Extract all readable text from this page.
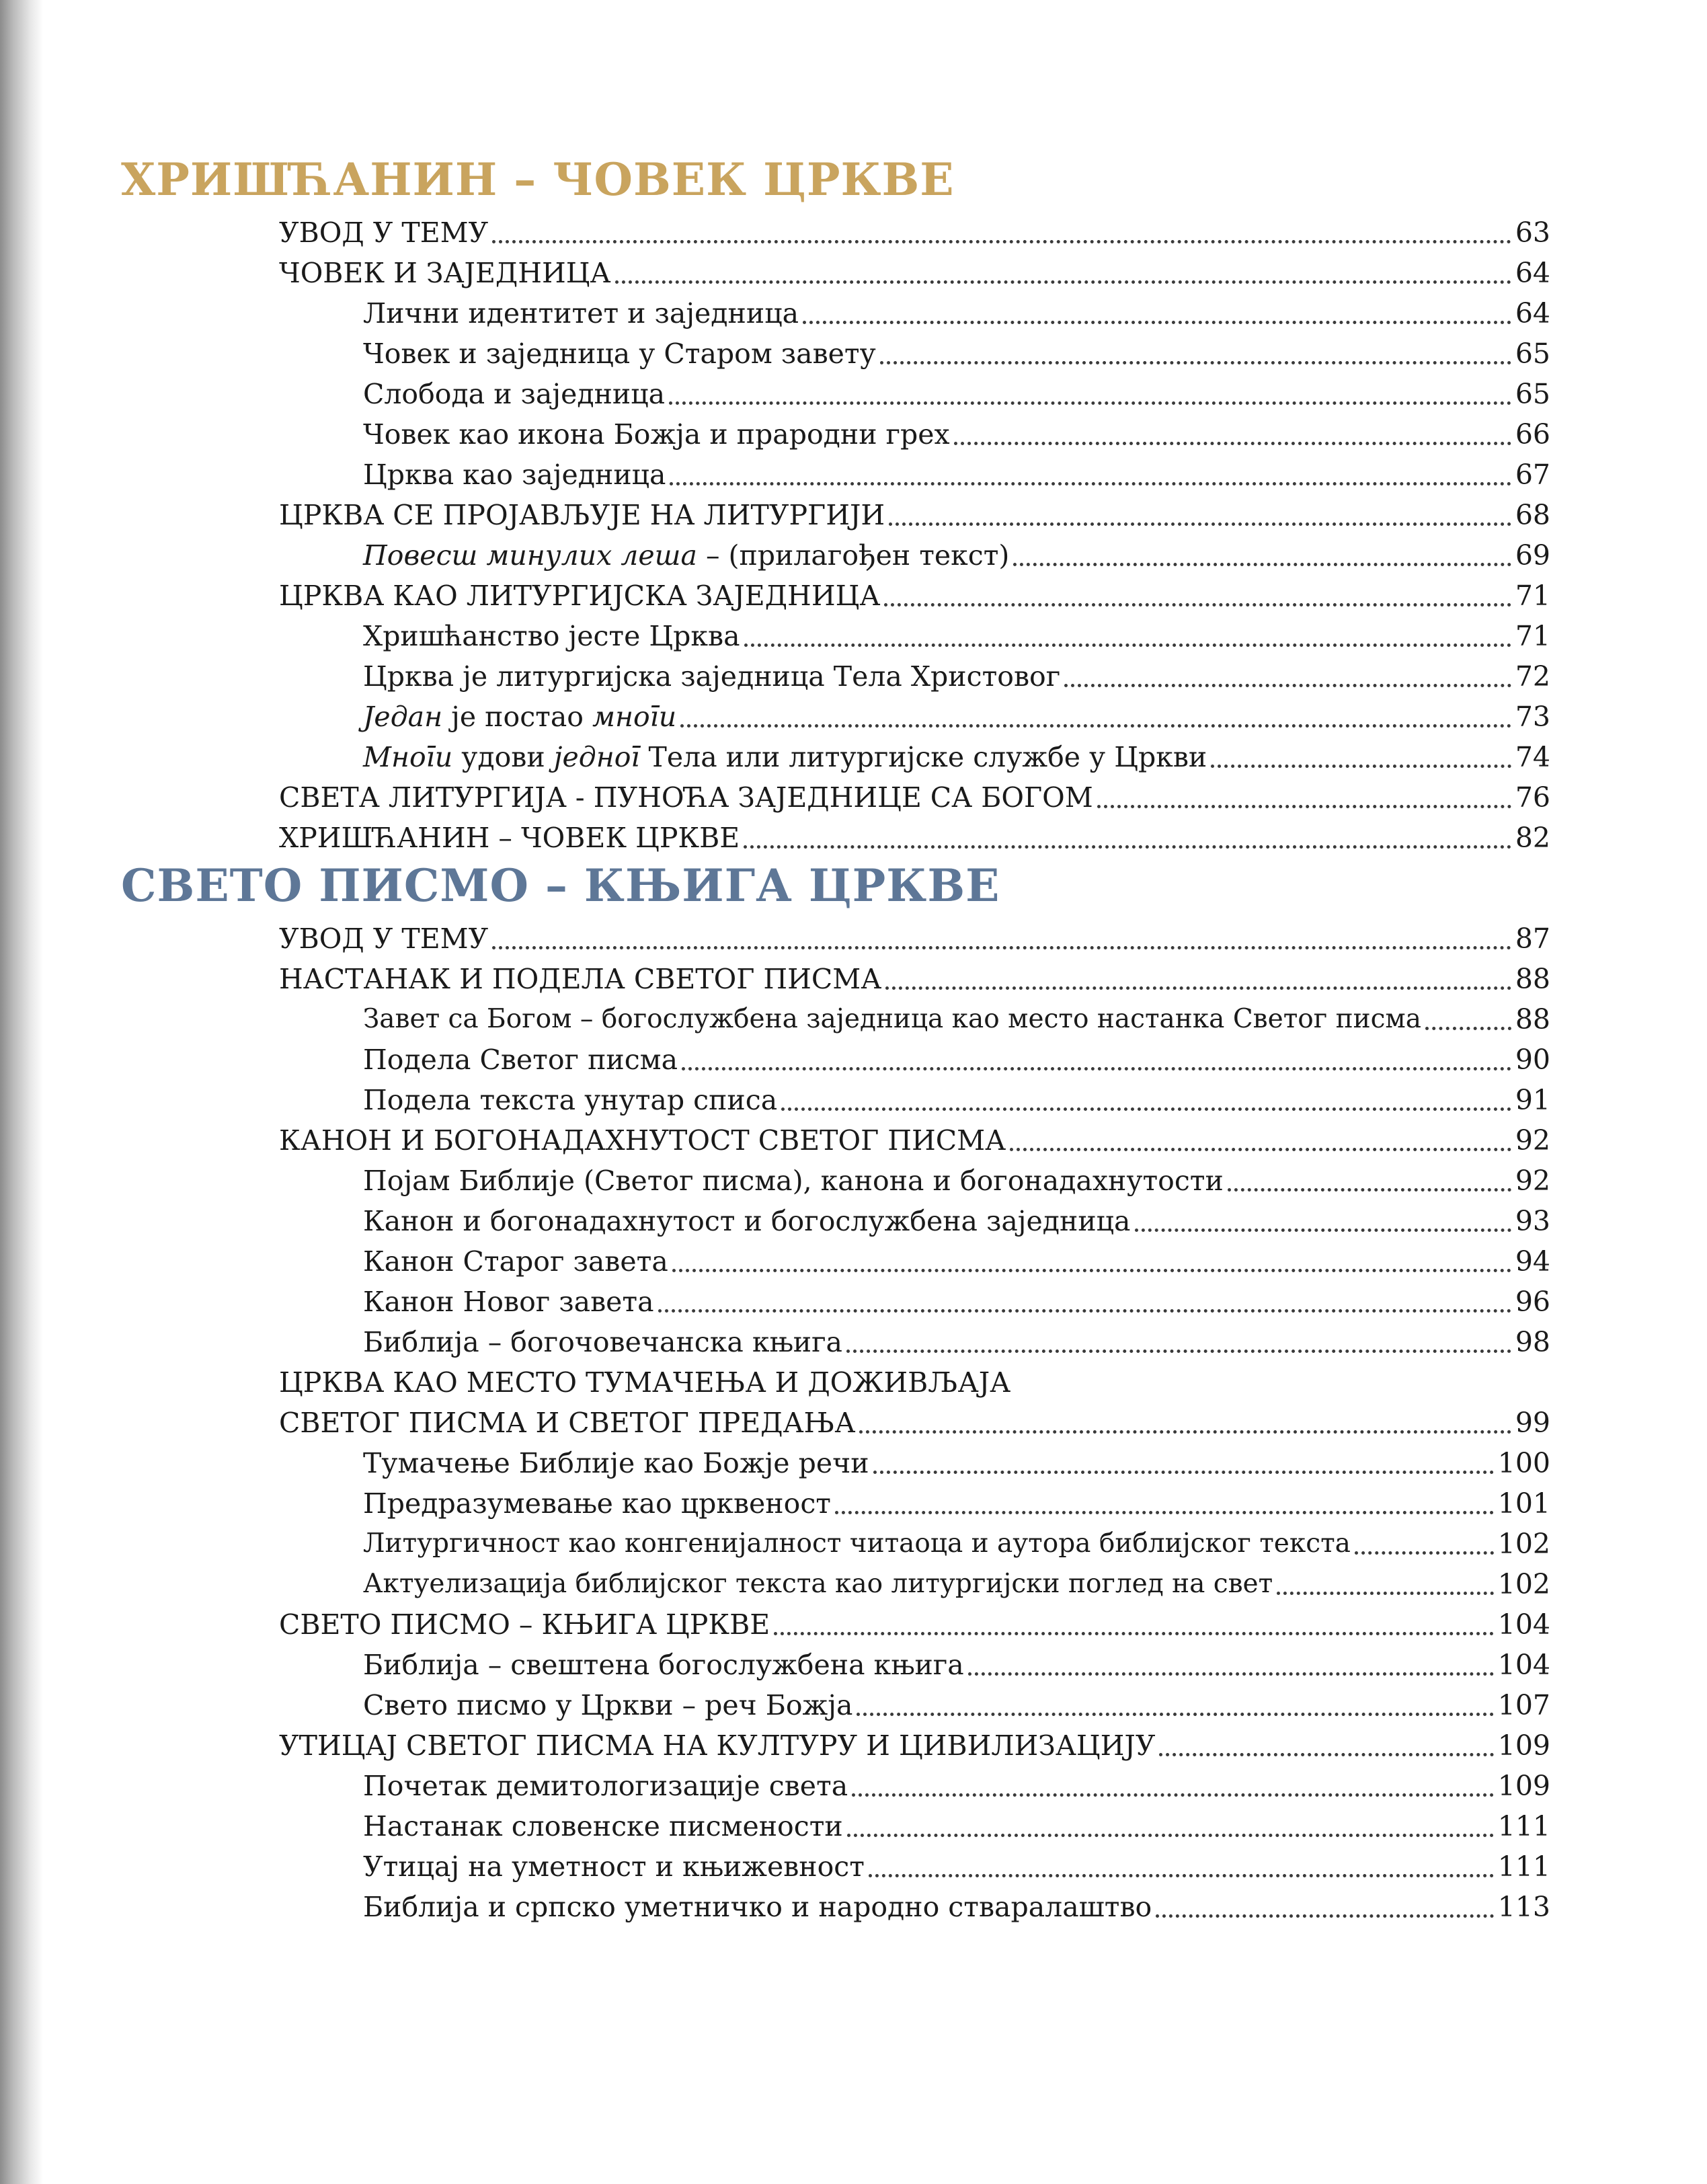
ХРИШЋАНИН – ЧОВЕК ЦРКВЕ
УВОД У ТЕМУ	63
ЧОВЕК И ЗАЈЕДНИЦА	64
Лични идентитет и заједница	64
Човек и заједница у Старом завету	65
Слобода и заједница	65
Човек као икона Божја и прародни грех	66
Црква као заједница	67
ЦРКВА СЕ ПРОЈАВЉУЈЕ НА ЛИТУРГИЈИ	68
Повесш минулих леша – (прилагођен текст)	69
ЦРКВА КАО ЛИТУРГИЈСКА ЗАЈЕДНИЦА	71
Хришћанство јесте Црква	71
Црква је литургијска заједница Тела Христовог	72
Један је постао мноīи	73
Мноīи удови једноī Тела или литургијске службе у Цркви	74
СВЕТА ЛИТУРГИЈА - ПУНОЋА ЗАЈЕДНИЦЕ СА БОГОМ	76
ХРИШЋАНИН – ЧОВЕК ЦРКВЕ	82
СВЕТО ПИСМО – КЊИГА ЦРКВЕ
УВОД У ТЕМУ	87
НАСТАНАК И ПОДЕЛА СВЕТОГ ПИСМА	88
Завет са Богом – богослужбена заједница као место настанка Светог писма	88
Подела Светог писма	90
Подела текста унутар списа	91
КАНОН И БОГОНАДАХНУТОСТ СВЕТОГ ПИСМА	92
Појам Библије (Светог писма), канона и богонадахнутости	92
Канон и богонадахнутост и богослужбена заједница	93
Канон Старог завета	94
Канон Новог завета	96
Библија – богочовечанска књига	98
ЦРКВА КАО МЕСТО ТУМАЧЕЊА И ДОЖИВЉАЈА
СВЕТОГ ПИСМА И СВЕТОГ ПРЕДАЊА	99
Тумачење Библије као Божје речи	100
Предразумевање као црквеност	101
Литургичност као конгенијалност читаоца и аутора библијског текста	102
Актуелизација библијског текста као литургијски поглед на свет	102
СВЕТО ПИСМО – КЊИГА ЦРКВЕ	104
Библија – свештена богослужбена књига	104
Свето писмо у Цркви – реч Божја	107
УТИЦАЈ СВЕТОГ ПИСМА НА КУЛТУРУ И ЦИВИЛИЗАЦИЈУ	109
Почетак демитологизације света	109
Настанак словенске писмености	111
Утицај на уметност и књижевност	111
Библија и српско уметничко и народно стваралаштво	113
